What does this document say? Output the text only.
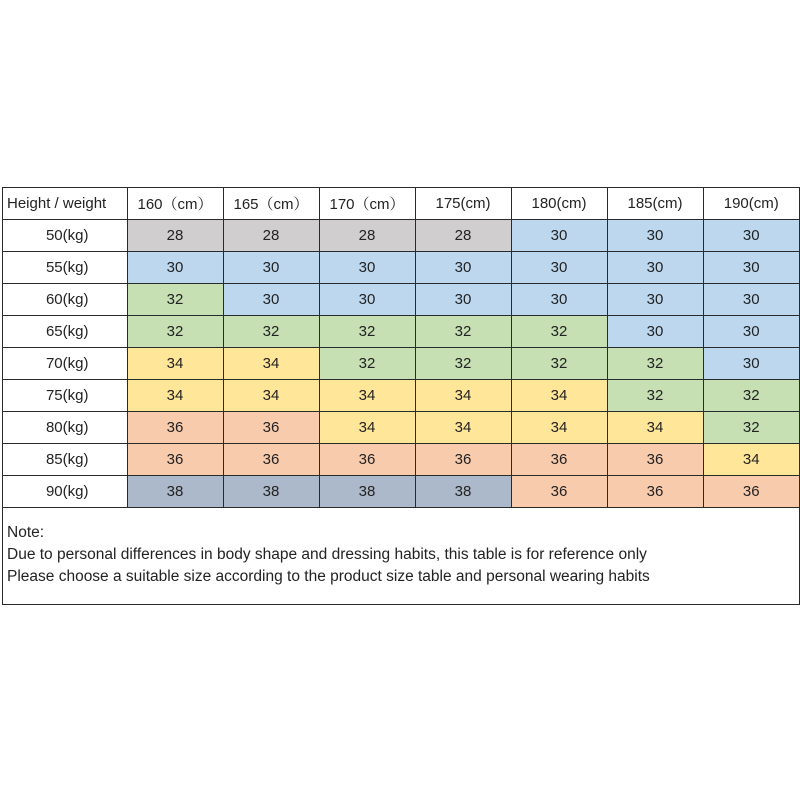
Height / weight	160（cm）	165（cm）	170（cm）	175(cm)	180(cm)	185(cm)	190(cm)
50(kg)	28	28	28	28	30	30	30
55(kg)	30	30	30	30	30	30	30
60(kg)	32	30	30	30	30	30	30
65(kg)	32	32	32	32	32	30	30
70(kg)	34	34	32	32	32	32	30
75(kg)	34	34	34	34	34	32	32
80(kg)	36	36	34	34	34	34	32
85(kg)	36	36	36	36	36	36	34
90(kg)	38	38	38	38	36	36	36
Note:
Due to personal differences in body shape and dressing habits, this table is for reference only
Please choose a suitable size according to the product size table and personal wearing habits
